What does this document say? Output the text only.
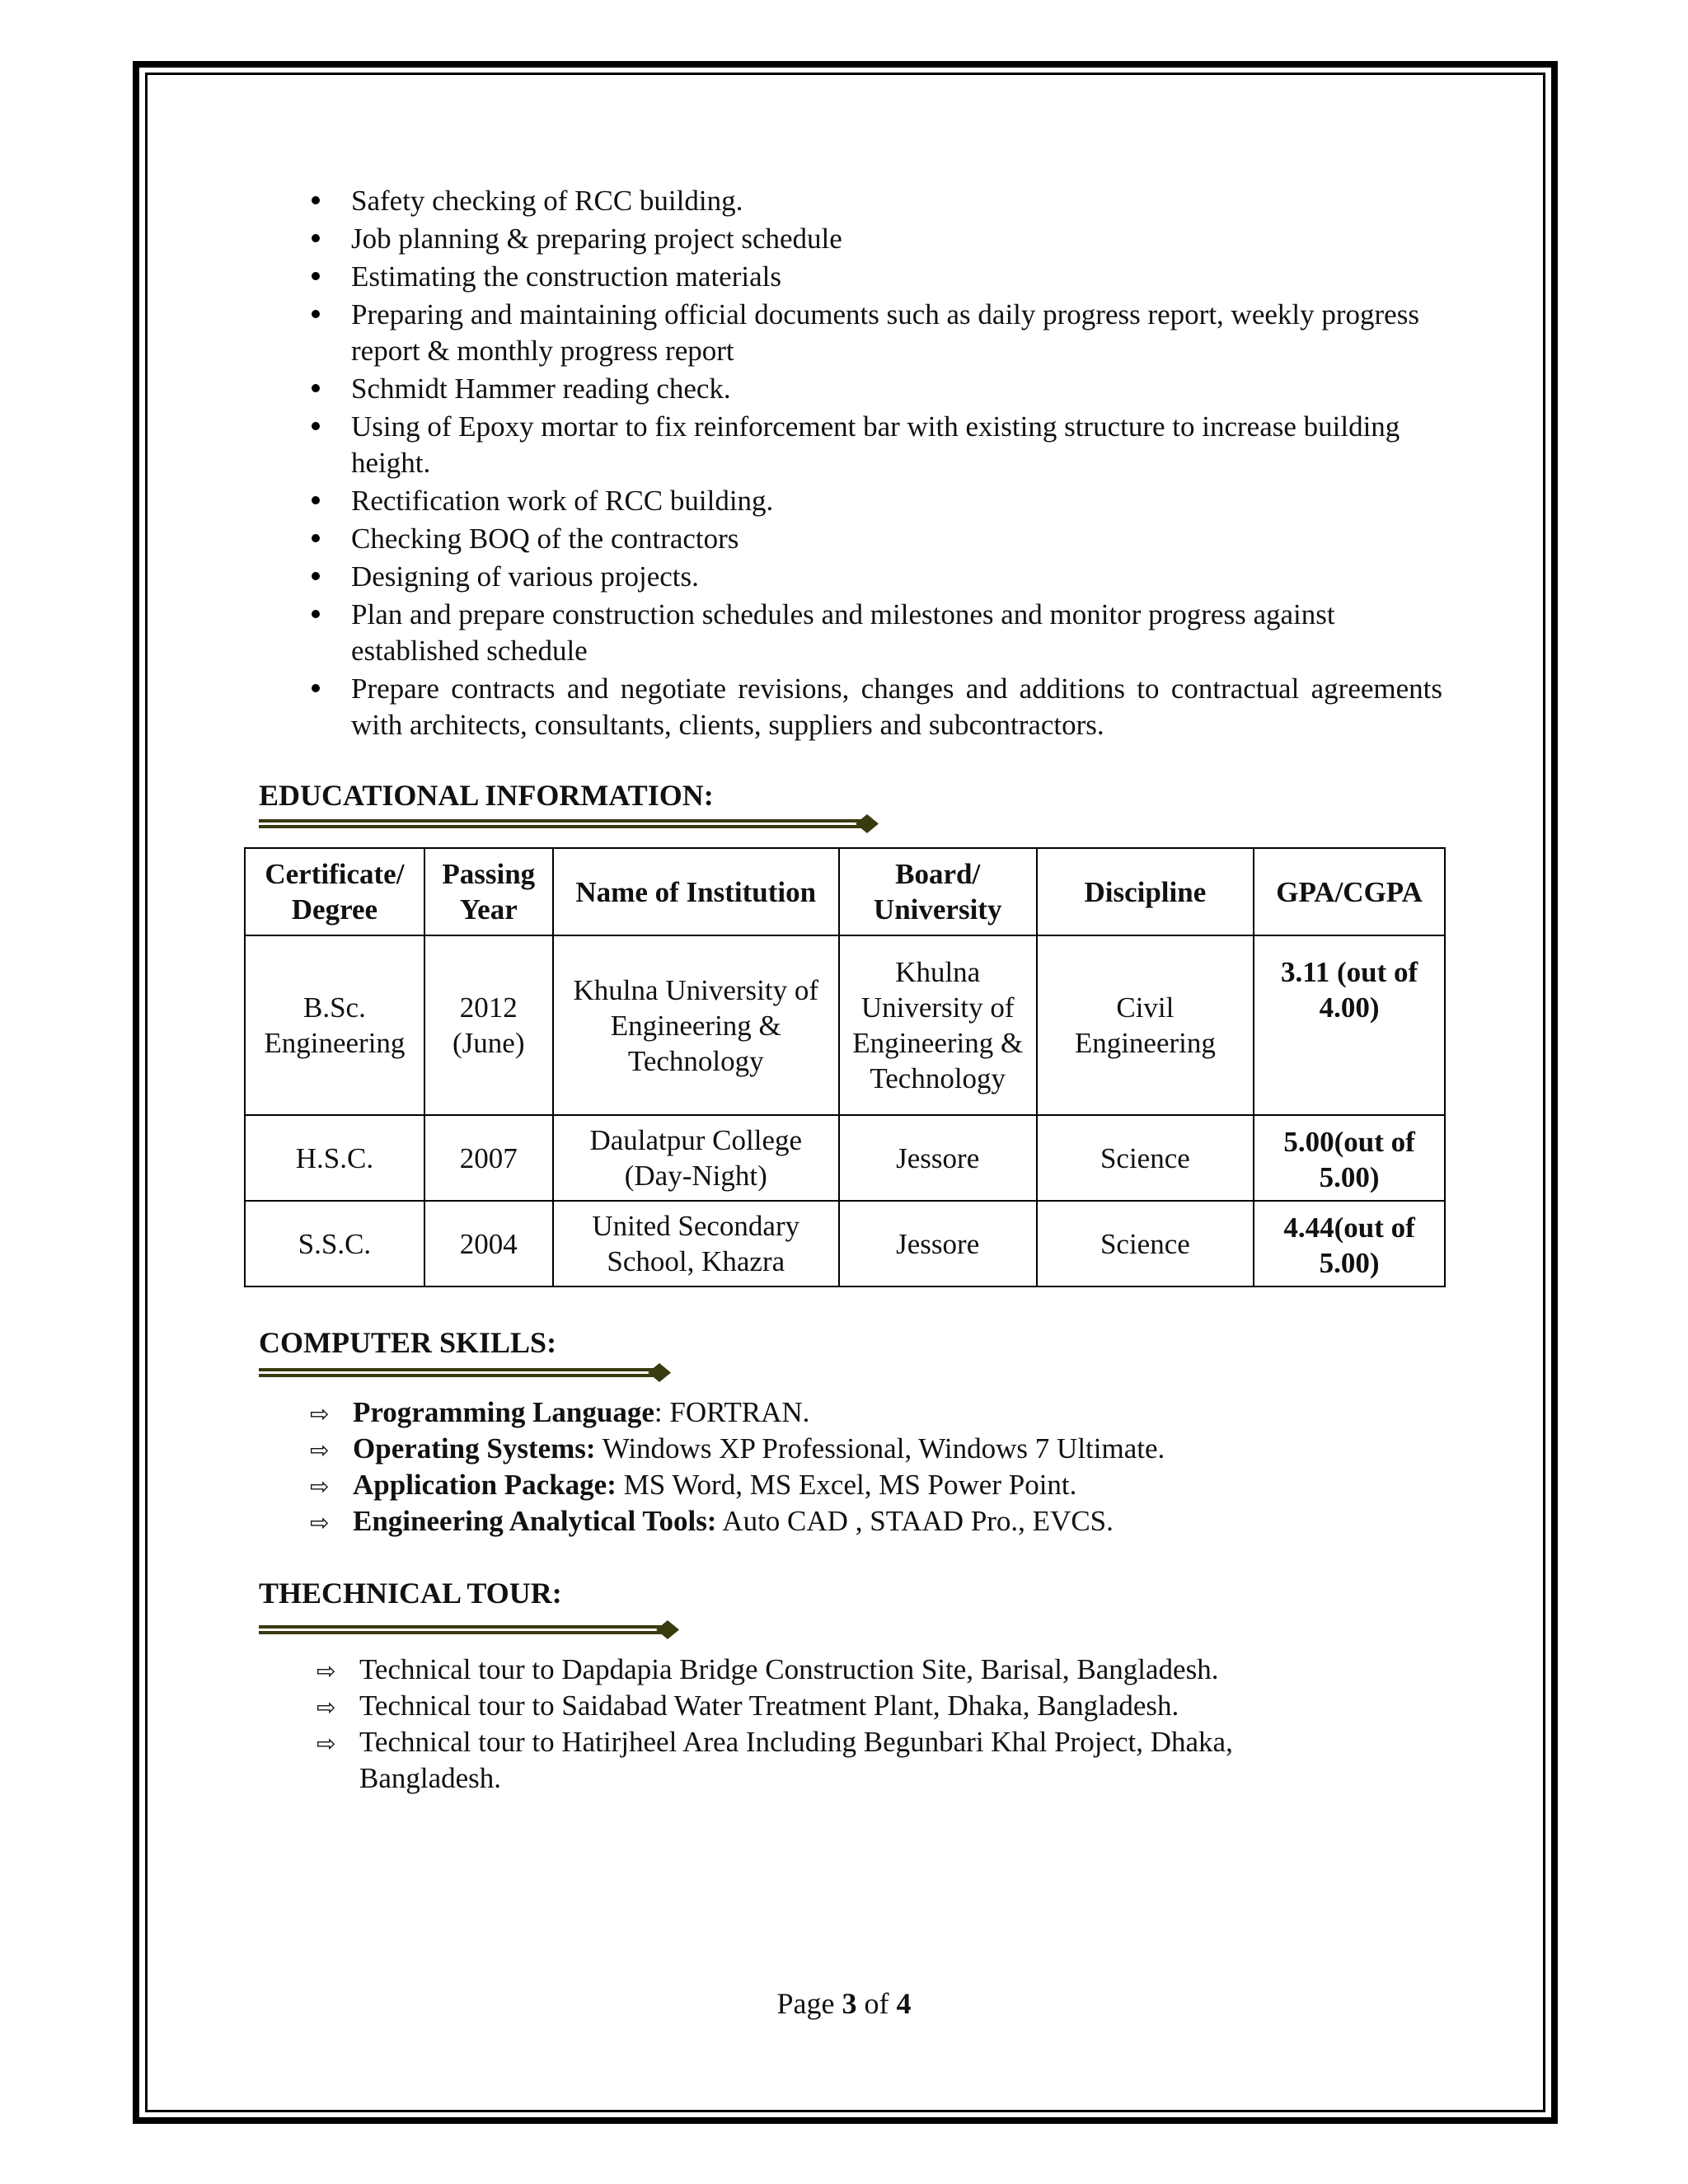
Safety checking of RCC building.
Job planning & preparing project schedule
Estimating the construction materials
Preparing and maintaining official documents such as daily progress report, weekly progress report & monthly progress report
Schmidt Hammer reading check.
Using of Epoxy mortar to fix reinforcement bar with existing structure to increase building height.
Rectification work of RCC building.
Checking BOQ of the contractors
Designing of various projects.
Plan and prepare construction schedules and milestones and monitor progress against established schedule
Prepare contracts and negotiate revisions, changes and additions to contractual agreements with architects, consultants, clients, suppliers and subcontractors.
EDUCATIONAL INFORMATION:
Certificate/ Degree	Passing Year	Name of Institution	Board/ University	Discipline	GPA/CGPA
B.Sc. Engineering	2012 (June)	Khulna University of Engineering & Technology	Khulna University of Engineering & Technology	Civil Engineering	3.11 (out of 4.00)
H.S.C.	2007	Daulatpur College (Day-Night)	Jessore	Science	5.00(out of 5.00)
S.S.C.	2004	United Secondary School, Khazra	Jessore	Science	4.44(out of 5.00)
COMPUTER SKILLS:
⇨ Programming Language: FORTRAN.
⇨ Operating Systems: Windows XP Professional, Windows 7 Ultimate.
⇨ Application Package: MS Word, MS Excel, MS Power Point.
⇨ Engineering Analytical Tools: Auto CAD , STAAD Pro., EVCS.
THECHNICAL TOUR:
⇨ Technical tour to Dapdapia Bridge Construction Site, Barisal, Bangladesh.
⇨ Technical tour to Saidabad Water Treatment Plant, Dhaka, Bangladesh.
⇨ Technical tour to Hatirjheel Area Including Begunbari Khal Project, Dhaka, Bangladesh.
Page 3 of 4
